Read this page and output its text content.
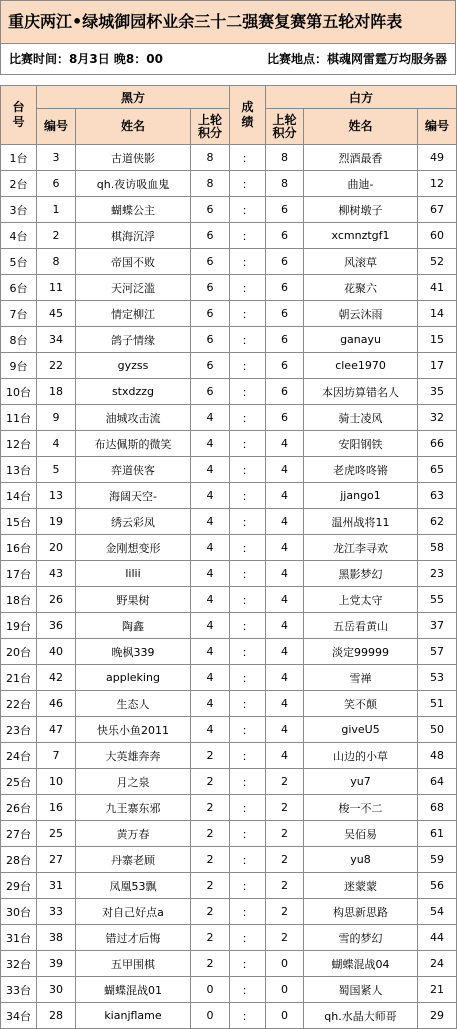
重庆两江•绿城御园杯业余三十二强赛复赛第五轮对阵表
比赛时间：8月3日 晚8：00	比赛地点：棋魂网雷霆万均服务器
台号	黑方			成绩	白方		
	编号	姓名	上轮积分		上轮积分	姓名	编号
1台	3	古道侠影	8	：	8	烈酒最香	49
2台	6	qh.夜访吸血鬼	8	：	8	曲迪-	12
3台	1	蝴蝶公主	6	：	6	柳树墩子	67
4台	2	棋海沉浮	6	：	6	xcmnztgf1	60
5台	8	帝国不败	6	：	6	风滚草	52
6台	11	天河泛滥	6	：	6	花聚六	41
7台	45	情定柳江	6	：	6	朝云沐雨	14
8台	34	鸽子情缘	6	：	6	ganayu	15
9台	22	gyzss	6	：	6	clee1970	17
10台	18	stxdzzg	6	：	6	本因坊算错名人	35
11台	9	油城攻击流	4	：	6	骑士凌风	32
12台	4	布达佩斯的微笑	4	：	4	安阳钢铁	66
13台	5	弈道侠客	4	：	4	老虎咚咚锵	65
14台	13	海阔天空-	4	：	4	jjango1	63
15台	19	绣云彩凤	4	：	4	温州战将11	62
16台	20	金刚想变形	4	：	4	龙江李寻欢	58
17台	43	lilii	4	：	4	黑影梦幻	23
18台	26	野果树	4	：	4	上党太守	55
19台	36	陶鑫	4	：	4	五岳看黄山	37
20台	40	晚枫339	4	：	4	淡定99999	57
21台	42	appleking	4	：	4	雪禅	53
22台	46	生态人	4	：	4	笑不颠	51
23台	47	快乐小鱼2011	4	：	4	giveU5	50
24台	7	大英雄奔奔	2	：	4	山边的小草	48
25台	10	月之泉	2	：	2	yu7	64
26台	16	九王寨东邪	2	：	2	梭一不二	68
27台	25	黄万春	2	：	2	吴佰易	61
28台	27	丹寨老顾	2	：	2	yu8	59
29台	31	凤凰53飘	2	：	2	迷蒙蒙	56
30台	33	对自己好点a	2	：	2	构思新思路	54
31台	38	错过才后悔	2	：	2	雪的梦幻	44
32台	39	五甲围棋	2	：	0	蝴蝶混战04	24
33台	30	蝴蝶混战01	0	：	0	蜀国紧人	21
34台	28	kianjflame	0	：	0	qh.水晶大师哥	29
